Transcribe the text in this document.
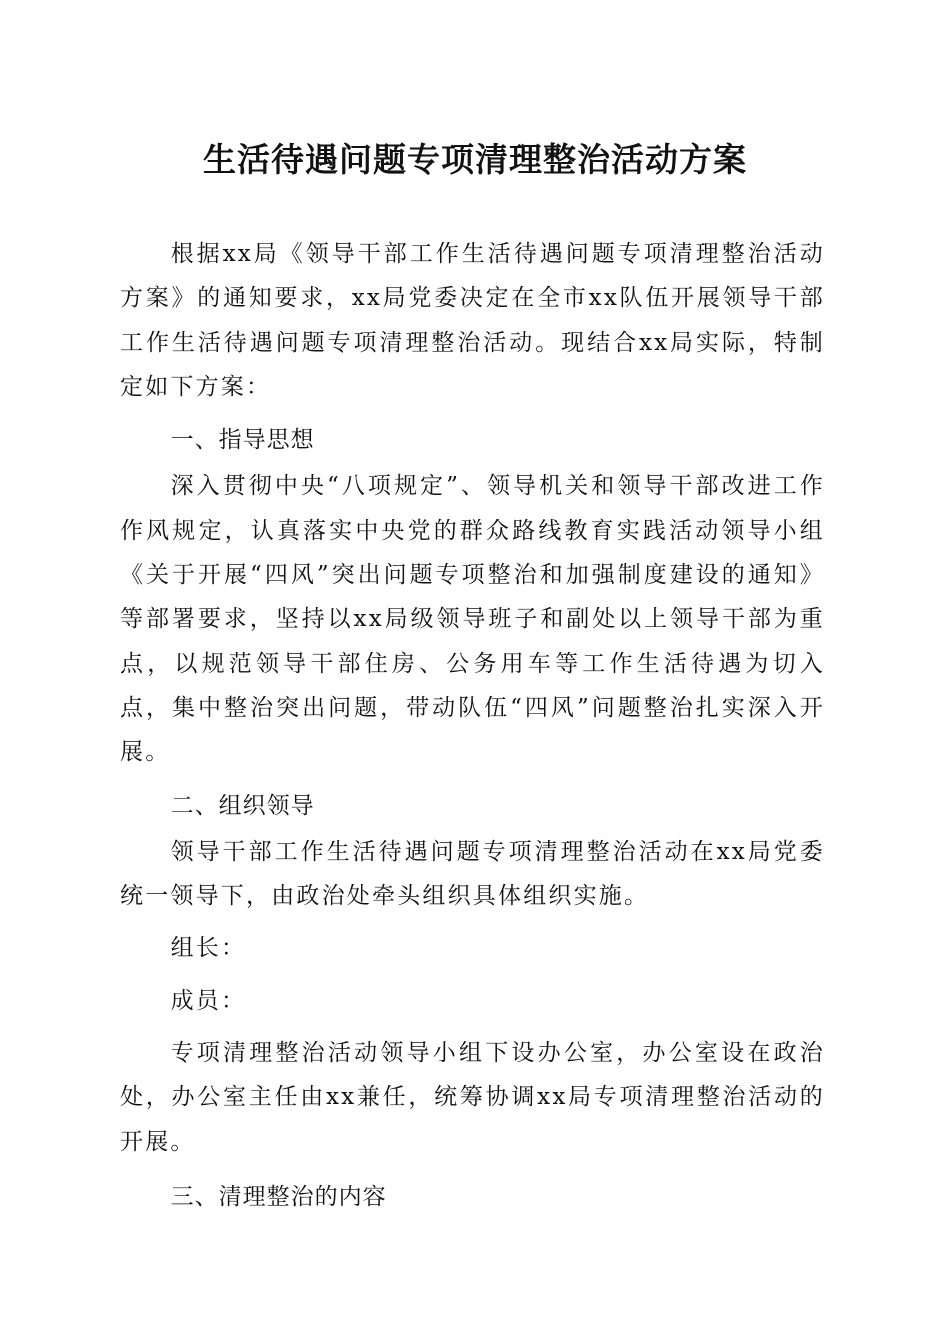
生活待遇问题专项清理整治活动方案

根据xx局《领导干部工作生活待遇问题专项清理整治活动方案》的通知要求，xx局党委决定在全市xx队伍开展领导干部工作生活待遇问题专项清理整治活动。现结合xx局实际，特制定如下方案：

一、指导思想

深入贯彻中央“八项规定”、领导机关和领导干部改进工作作风规定，认真落实中央党的群众路线教育实践活动领导小组《关于开展“四风”突出问题专项整治和加强制度建设的通知》等部署要求，坚持以xx局级领导班子和副处以上领导干部为重点，以规范领导干部住房、公务用车等工作生活待遇为切入点，集中整治突出问题，带动队伍“四风”问题整治扎实深入开展。

二、组织领导

领导干部工作生活待遇问题专项清理整治活动在xx局党委统一领导下，由政治处牵头组织具体组织实施。

组长：

成员：

专项清理整治活动领导小组下设办公室，办公室设在政治处，办公室主任由xx兼任，统筹协调xx局专项清理整治活动的开展。

三、清理整治的内容
